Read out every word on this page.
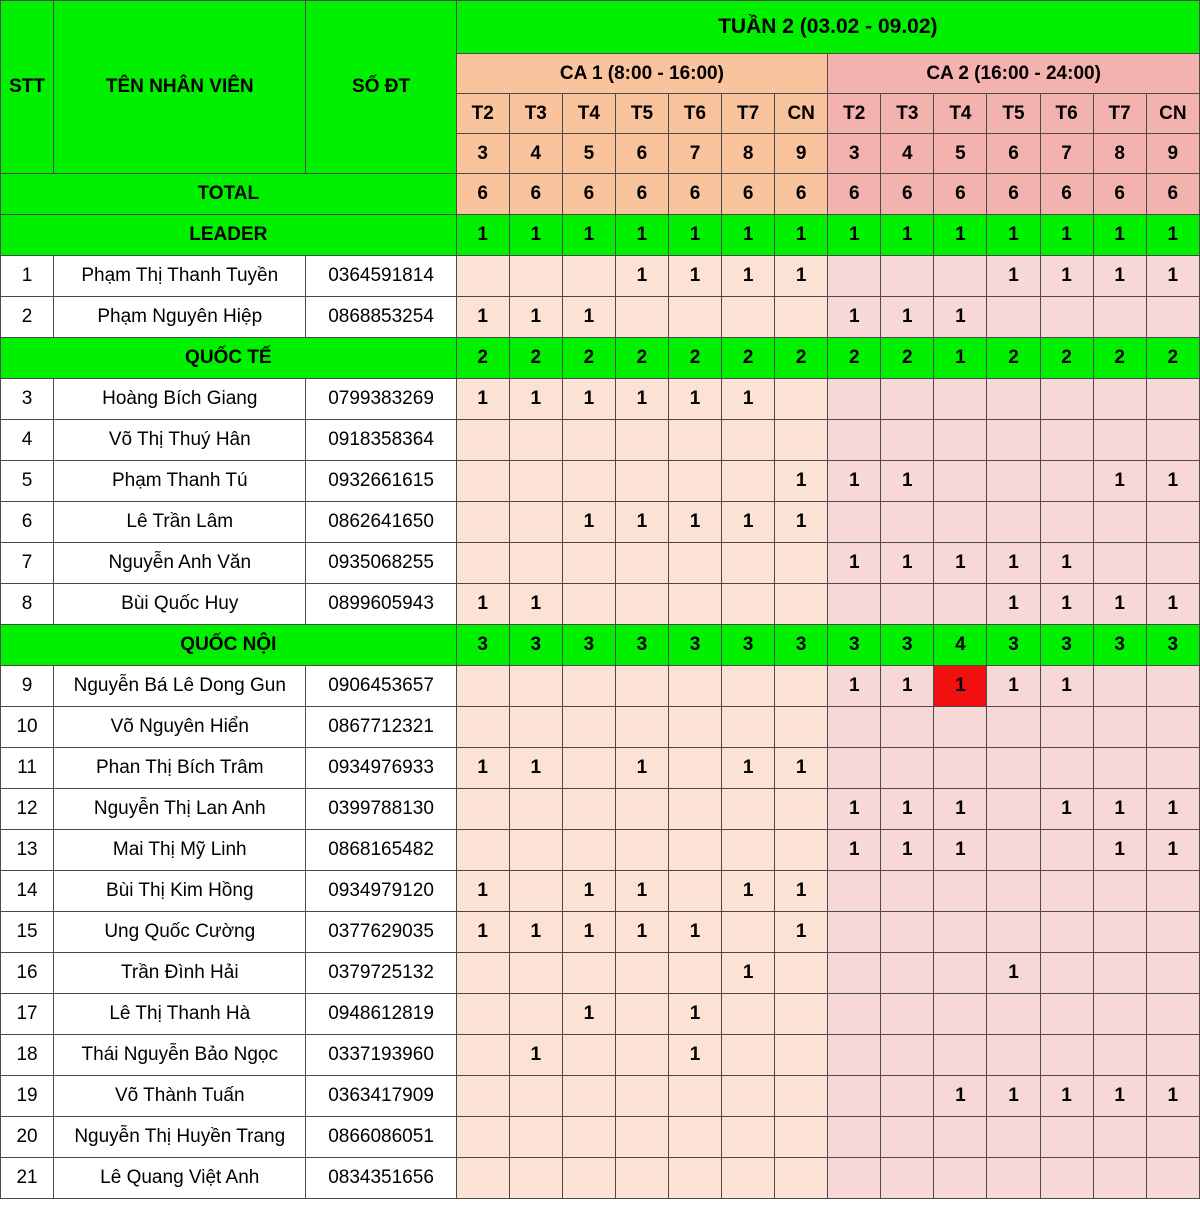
STT	TÊN NHÂN VIÊN	SỐ ĐT	TUẦN 2 (03.02 - 09.02)													
			CA 1 (8:00 - 16:00)							CA 2 (16:00 - 24:00)						
			T2	T3	T4	T5	T6	T7	CN	T2	T3	T4	T5	T6	T7	CN
			3	4	5	6	7	8	9	3	4	5	6	7	8	9
TOTAL			6	6	6	6	6	6	6	6	6	6	6	6	6	6
LEADER			1	1	1	1	1	1	1	1	1	1	1	1	1	1
1	Phạm Thị Thanh Tuyền	0364591814				1	1	1	1				1	1	1	1
2	Phạm Nguyên Hiệp	0868853254	1	1	1					1	1	1				
QUỐC TẾ			2	2	2	2	2	2	2	2	2	1	2	2	2	2
3	Hoàng Bích Giang	0799383269	1	1	1	1	1	1								
4	Võ Thị Thuý Hân	0918358364														
5	Phạm Thanh Tú	0932661615							1	1	1				1	1
6	Lê Trần Lâm	0862641650			1	1	1	1	1							
7	Nguyễn Anh Văn	0935068255								1	1	1	1	1		
8	Bùi Quốc Huy	0899605943	1	1									1	1	1	1
QUỐC NỘI			3	3	3	3	3	3	3	3	3	4	3	3	3	3
9	Nguyễn Bá Lê Dong Gun	0906453657								1	1	1	1	1		
10	Võ Nguyên Hiển	0867712321														
11	Phan Thị Bích Trâm	0934976933	1	1		1		1	1							
12	Nguyễn Thị Lan Anh	0399788130								1	1	1		1	1	1
13	Mai Thị Mỹ Linh	0868165482								1	1	1			1	1
14	Bùi Thị Kim Hồng	0934979120	1		1	1		1	1							
15	Ung Quốc Cường	0377629035	1	1	1	1	1		1							
16	Trần Đình Hải	0379725132						1					1			
17	Lê Thị Thanh Hà	0948612819			1		1									
18	Thái Nguyễn Bảo Ngọc	0337193960		1			1									
19	Võ Thành Tuấn	0363417909										1	1	1	1	1
20	Nguyễn Thị Huyền Trang	0866086051														
21	Lê Quang Việt Anh	0834351656														
